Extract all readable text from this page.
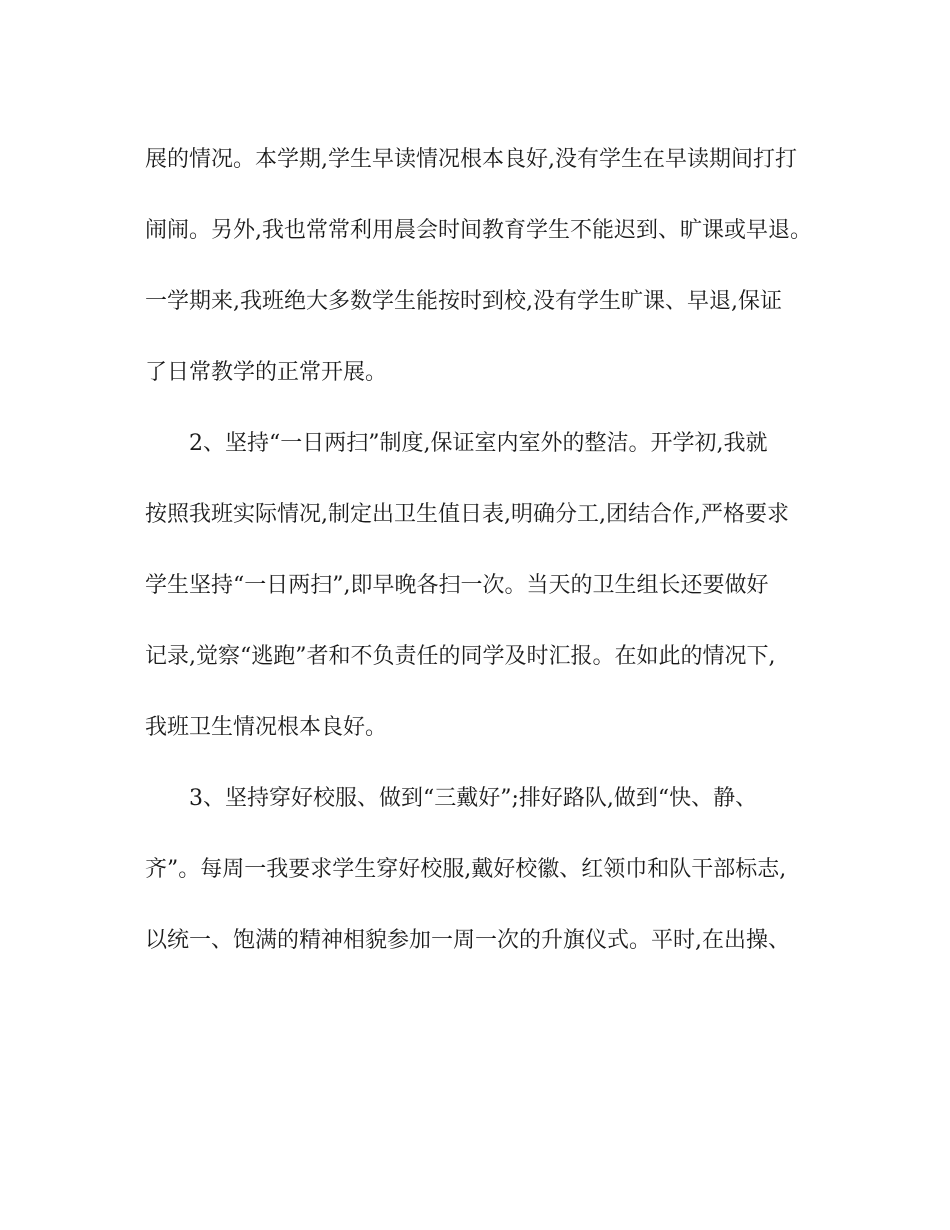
展的情况。本学期,学生早读情况根本良好,没有学生在早读期间打打
闹闹。另外,我也常常利用晨会时间教育学生不能迟到、旷课或早退。
一学期来,我班绝大多数学生能按时到校,没有学生旷课、早退,保证
了日常教学的正常开展。
2、坚持“一日两扫”制度,保证室内室外的整洁。开学初,我就
按照我班实际情况,制定出卫生值日表,明确分工,团结合作,严格要求
学生坚持“一日两扫”,即早晚各扫一次。当天的卫生组长还要做好
记录,觉察“逃跑”者和不负责任的同学及时汇报。在如此的情况下,
我班卫生情况根本良好。
3、坚持穿好校服、做到“三戴好”;排好路队,做到“快、静、
齐”。每周一我要求学生穿好校服,戴好校徽、红领巾和队干部标志,
以统一、饱满的精神相貌参加一周一次的升旗仪式。平时,在出操、
